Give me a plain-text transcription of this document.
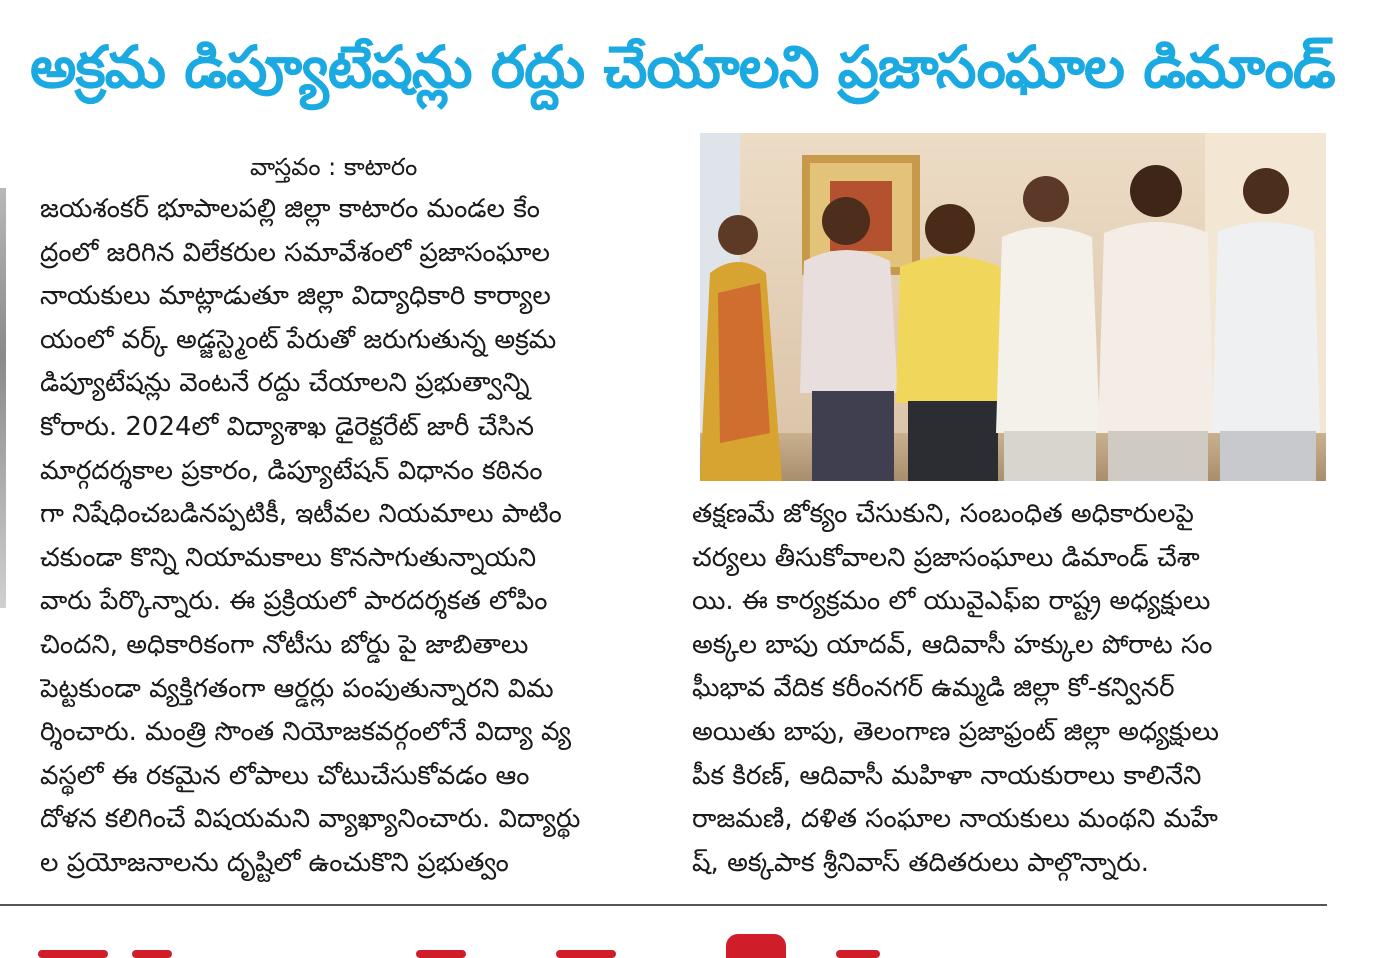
అక్రమ డిప్యూటేషన్లు రద్దు చేయాలని ప్రజాసంఘాల డిమాండ్
వాస్తవం : కాటారం
జయశంకర్ భూపాలపల్లి జిల్లా కాటారం మండల కేం
ద్రంలో జరిగిన విలేకరుల సమావేశంలో ప్రజాసంఘాల
నాయకులు మాట్లాడుతూ జిల్లా విద్యాధికారి కార్యాల
యంలో వర్క్ అడ్జస్ట్మెంట్ పేరుతో జరుగుతున్న అక్రమ
డిప్యూటేషన్లు వెంటనే రద్దు చేయాలని ప్రభుత్వాన్ని
కోరారు. 2024లో విద్యాశాఖ డైరెక్టరేట్ జారీ చేసిన
మార్గదర్శకాల ప్రకారం, డిప్యూటేషన్ విధానం కఠినం
గా నిషేధించబడినప్పటికీ, ఇటీవల నియమాలు పాటిం
చకుండా కొన్ని నియామకాలు కొనసాగుతున్నాయని
వారు పేర్కొన్నారు. ఈ ప్రక్రియలో పారదర్శకత లోపిం
చిందని, అధికారికంగా నోటీసు బోర్డు పై జాబితాలు
పెట్టకుండా వ్యక్తిగతంగా ఆర్డర్లు పంపుతున్నారని విమ
ర్శించారు. మంత్రి సొంత నియోజకవర్గంలోనే విద్యా వ్య
వస్థలో ఈ రకమైన లోపాలు చోటుచేసుకోవడం ఆం
దోళన కలిగించే విషయమని వ్యాఖ్యానించారు. విద్యార్థు
ల ప్రయోజనాలను దృష్టిలో ఉంచుకొని ప్రభుత్వం
తక్షణమే జోక్యం చేసుకుని, సంబంధిత అధికారులపై
చర్యలు తీసుకోవాలని ప్రజాసంఘాలు డిమాండ్ చేశా
యి. ఈ కార్యక్రమం లో యువైఎఫ్ఐ రాష్ట్ర అధ్యక్షులు
అక్కల బాపు యాదవ్, ఆదివాసీ హక్కుల పోరాట సం
ఘీభావ వేదిక కరీంనగర్ ఉమ్మడి జిల్లా కో-కన్వినర్
అయితు బాపు, తెలంగాణ ప్రజాఫ్రంట్ జిల్లా అధ్యక్షులు
పీక కిరణ్, ఆదివాసీ మహిళా నాయకురాలు కాలినేని
రాజమణి, దళిత సంఘాల నాయకులు మంథని మహే
ష్, అక్కపాక శ్రీనివాస్ తదితరులు పాల్గొన్నారు.
